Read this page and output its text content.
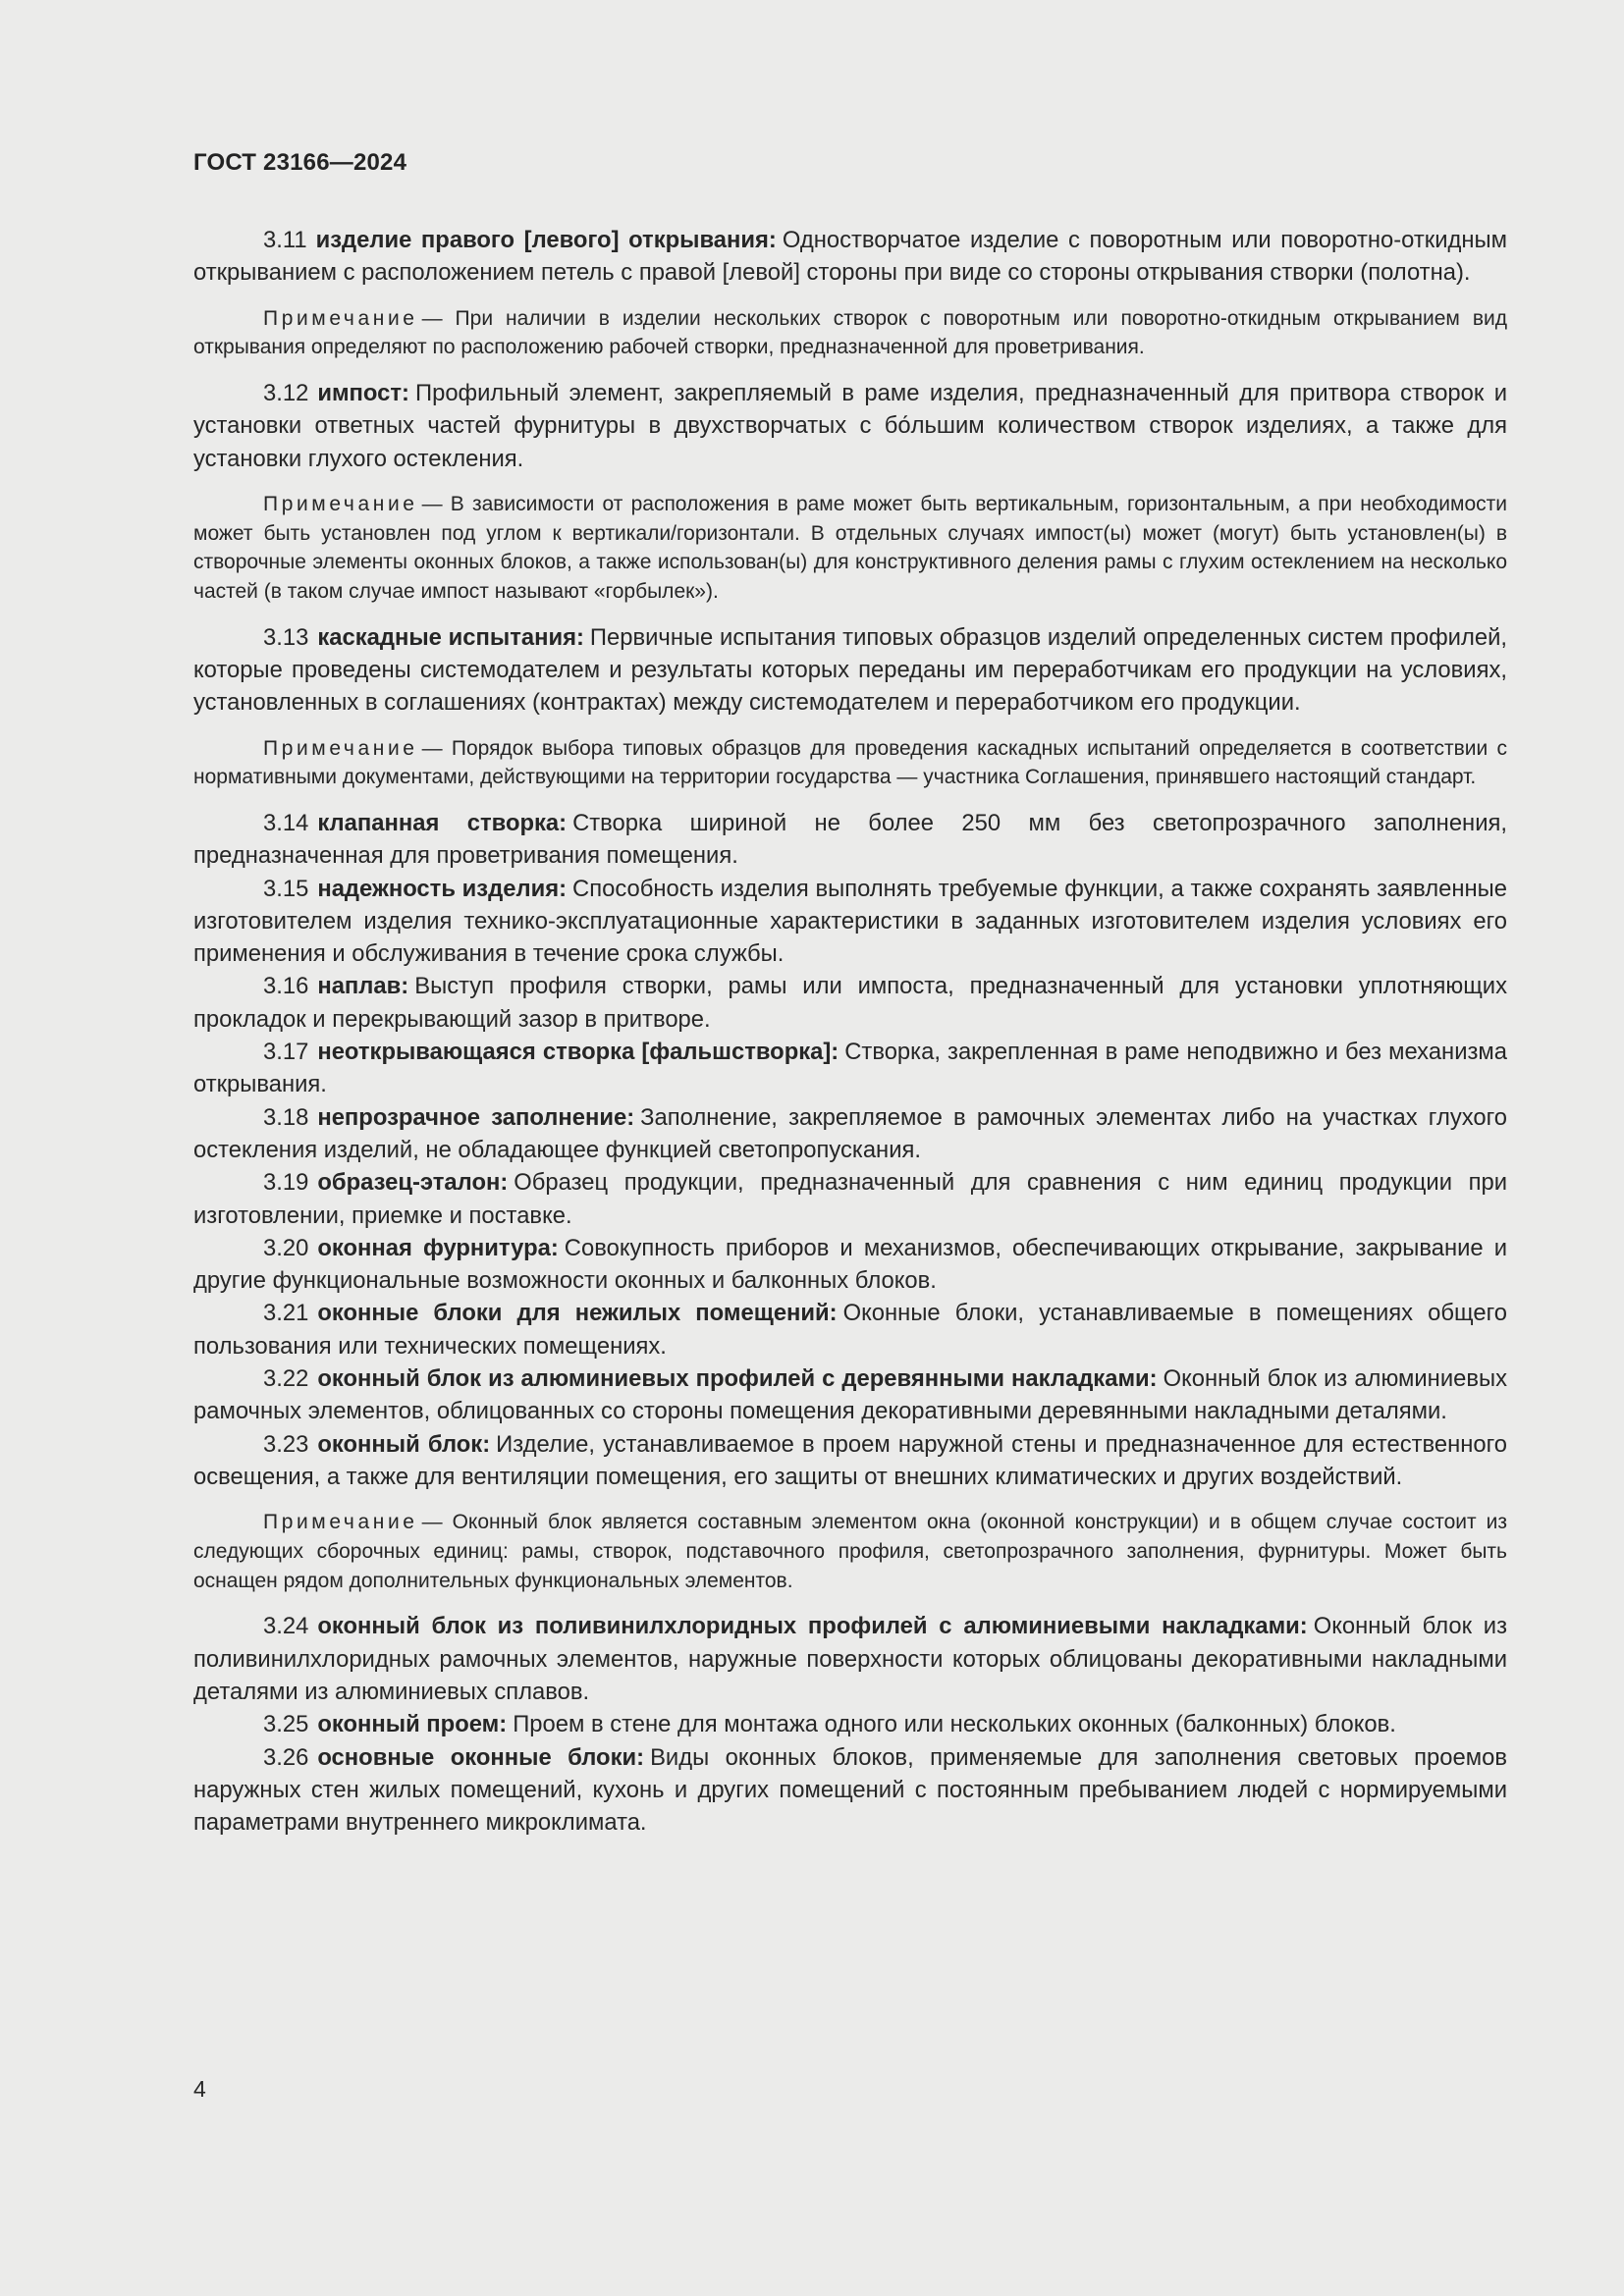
ГОСТ 23166—2024

3.11 изделие правого [левого] открывания: Одностворчатое изделие с поворотным или поворотно-откидным открыванием с расположением петель с правой [левой] стороны при виде со стороны открывания створки (полотна).

Примечание — При наличии в изделии нескольких створок с поворотным или поворотно-откидным открыванием вид открывания определяют по расположению рабочей створки, предназначенной для проветривания.

3.12 импост: Профильный элемент, закрепляемый в раме изделия, предназначенный для притвора створок и установки ответных частей фурнитуры в двухстворчатых с бо́льшим количеством створок изделиях, а также для установки глухого остекления.

Примечание — В зависимости от расположения в раме может быть вертикальным, горизонтальным, а при необходимости может быть установлен под углом к вертикали/горизонтали. В отдельных случаях импост(ы) может (могут) быть установлен(ы) в створочные элементы оконных блоков, а также использован(ы) для конструктивного деления рамы с глухим остеклением на несколько частей (в таком случае импост называют «горбылек»).

3.13 каскадные испытания: Первичные испытания типовых образцов изделий определенных систем профилей, которые проведены системодателем и результаты которых переданы им переработчикам его продукции на условиях, установленных в соглашениях (контрактах) между системодателем и переработчиком его продукции.

Примечание — Порядок выбора типовых образцов для проведения каскадных испытаний определяется в соответствии с нормативными документами, действующими на территории государства — участника Соглашения, принявшего настоящий стандарт.

3.14 клапанная створка: Створка шириной не более 250 мм без светопрозрачного заполнения, предназначенная для проветривания помещения.

3.15 надежность изделия: Способность изделия выполнять требуемые функции, а также сохранять заявленные изготовителем изделия технико-эксплуатационные характеристики в заданных изготовителем изделия условиях его применения и обслуживания в течение срока службы.

3.16 наплав: Выступ профиля створки, рамы или импоста, предназначенный для установки уплотняющих прокладок и перекрывающий зазор в притворе.

3.17 неоткрывающаяся створка [фальшстворка]: Створка, закрепленная в раме неподвижно и без механизма открывания.

3.18 непрозрачное заполнение: Заполнение, закрепляемое в рамочных элементах либо на участках глухого остекления изделий, не обладающее функцией светопропускания.

3.19 образец-эталон: Образец продукции, предназначенный для сравнения с ним единиц продукции при изготовлении, приемке и поставке.

3.20 оконная фурнитура: Совокупность приборов и механизмов, обеспечивающих открывание, закрывание и другие функциональные возможности оконных и балконных блоков.

3.21 оконные блоки для нежилых помещений: Оконные блоки, устанавливаемые в помещениях общего пользования или технических помещениях.

3.22 оконный блок из алюминиевых профилей с деревянными накладками: Оконный блок из алюминиевых рамочных элементов, облицованных со стороны помещения декоративными деревянными накладными деталями.

3.23 оконный блок: Изделие, устанавливаемое в проем наружной стены и предназначенное для естественного освещения, а также для вентиляции помещения, его защиты от внешних климатических и других воздействий.

Примечание — Оконный блок является составным элементом окна (оконной конструкции) и в общем случае состоит из следующих сборочных единиц: рамы, створок, подставочного профиля, светопрозрачного заполнения, фурнитуры. Может быть оснащен рядом дополнительных функциональных элементов.

3.24 оконный блок из поливинилхлоридных профилей с алюминиевыми накладками: Оконный блок из поливинилхлоридных рамочных элементов, наружные поверхности которых облицованы декоративными накладными деталями из алюминиевых сплавов.

3.25 оконный проем: Проем в стене для монтажа одного или нескольких оконных (балконных) блоков.

3.26 основные оконные блоки: Виды оконных блоков, применяемые для заполнения световых проемов наружных стен жилых помещений, кухонь и других помещений с постоянным пребыванием людей с нормируемыми параметрами внутреннего микроклимата.

4
